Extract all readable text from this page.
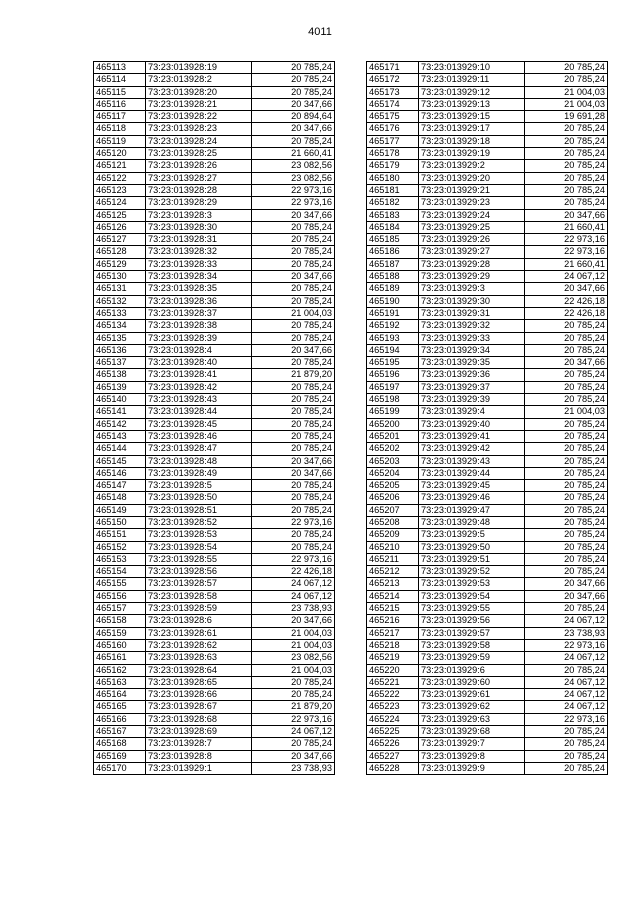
4011
465113	73:23:013928:19	20 785,24
465114	73:23:013928:2	20 785,24
465115	73:23:013928:20	20 785,24
465116	73:23:013928:21	20 347,66
465117	73:23:013928:22	20 894,64
465118	73:23:013928:23	20 347,66
465119	73:23:013928:24	20 785,24
465120	73:23:013928:25	21 660,41
465121	73:23:013928:26	23 082,56
465122	73:23:013928:27	23 082,56
465123	73:23:013928:28	22 973,16
465124	73:23:013928:29	22 973,16
465125	73:23:013928:3	20 347,66
465126	73:23:013928:30	20 785,24
465127	73:23:013928:31	20 785,24
465128	73:23:013928:32	20 785,24
465129	73:23:013928:33	20 785,24
465130	73:23:013928:34	20 347,66
465131	73:23:013928:35	20 785,24
465132	73:23:013928:36	20 785,24
465133	73:23:013928:37	21 004,03
465134	73:23:013928:38	20 785,24
465135	73:23:013928:39	20 785,24
465136	73:23:013928:4	20 347,66
465137	73:23:013928:40	20 785,24
465138	73:23:013928:41	21 879,20
465139	73:23:013928:42	20 785,24
465140	73:23:013928:43	20 785,24
465141	73:23:013928:44	20 785,24
465142	73:23:013928:45	20 785,24
465143	73:23:013928:46	20 785,24
465144	73:23:013928:47	20 785,24
465145	73:23:013928:48	20 347,66
465146	73:23:013928:49	20 347,66
465147	73:23:013928:5	20 785,24
465148	73:23:013928:50	20 785,24
465149	73:23:013928:51	20 785,24
465150	73:23:013928:52	22 973,16
465151	73:23:013928:53	20 785,24
465152	73:23:013928:54	20 785,24
465153	73:23:013928:55	22 973,16
465154	73:23:013928:56	22 426,18
465155	73:23:013928:57	24 067,12
465156	73:23:013928:58	24 067,12
465157	73:23:013928:59	23 738,93
465158	73:23:013928:6	20 347,66
465159	73:23:013928:61	21 004,03
465160	73:23:013928:62	21 004,03
465161	73:23:013928:63	23 082,56
465162	73:23:013928:64	21 004,03
465163	73:23:013928:65	20 785,24
465164	73:23:013928:66	20 785,24
465165	73:23:013928:67	21 879,20
465166	73:23:013928:68	22 973,16
465167	73:23:013928:69	24 067,12
465168	73:23:013928:7	20 785,24
465169	73:23:013928:8	20 347,66
465170	73:23:013929:1	23 738,93
465171	73:23:013929:10	20 785,24
465172	73:23:013929:11	20 785,24
465173	73:23:013929:12	21 004,03
465174	73:23:013929:13	21 004,03
465175	73:23:013929:15	19 691,28
465176	73:23:013929:17	20 785,24
465177	73:23:013929:18	20 785,24
465178	73:23:013929:19	20 785,24
465179	73:23:013929:2	20 785,24
465180	73:23:013929:20	20 785,24
465181	73:23:013929:21	20 785,24
465182	73:23:013929:23	20 785,24
465183	73:23:013929:24	20 347,66
465184	73:23:013929:25	21 660,41
465185	73:23:013929:26	22 973,16
465186	73:23:013929:27	22 973,16
465187	73:23:013929:28	21 660,41
465188	73:23:013929:29	24 067,12
465189	73:23:013929:3	20 347,66
465190	73:23:013929:30	22 426,18
465191	73:23:013929:31	22 426,18
465192	73:23:013929:32	20 785,24
465193	73:23:013929:33	20 785,24
465194	73:23:013929:34	20 785,24
465195	73:23:013929:35	20 347,66
465196	73:23:013929:36	20 785,24
465197	73:23:013929:37	20 785,24
465198	73:23:013929:39	20 785,24
465199	73:23:013929:4	21 004,03
465200	73:23:013929:40	20 785,24
465201	73:23:013929:41	20 785,24
465202	73:23:013929:42	20 785,24
465203	73:23:013929:43	20 785,24
465204	73:23:013929:44	20 785,24
465205	73:23:013929:45	20 785,24
465206	73:23:013929:46	20 785,24
465207	73:23:013929:47	20 785,24
465208	73:23:013929:48	20 785,24
465209	73:23:013929:5	20 785,24
465210	73:23:013929:50	20 785,24
465211	73:23:013929:51	20 785,24
465212	73:23:013929:52	20 785,24
465213	73:23:013929:53	20 347,66
465214	73:23:013929:54	20 347,66
465215	73:23:013929:55	20 785,24
465216	73:23:013929:56	24 067,12
465217	73:23:013929:57	23 738,93
465218	73:23:013929:58	22 973,16
465219	73:23:013929:59	24 067,12
465220	73:23:013929:6	20 785,24
465221	73:23:013929:60	24 067,12
465222	73:23:013929:61	24 067,12
465223	73:23:013929:62	24 067,12
465224	73:23:013929:63	22 973,16
465225	73:23:013929:68	20 785,24
465226	73:23:013929:7	20 785,24
465227	73:23:013929:8	20 785,24
465228	73:23:013929:9	20 785,24
